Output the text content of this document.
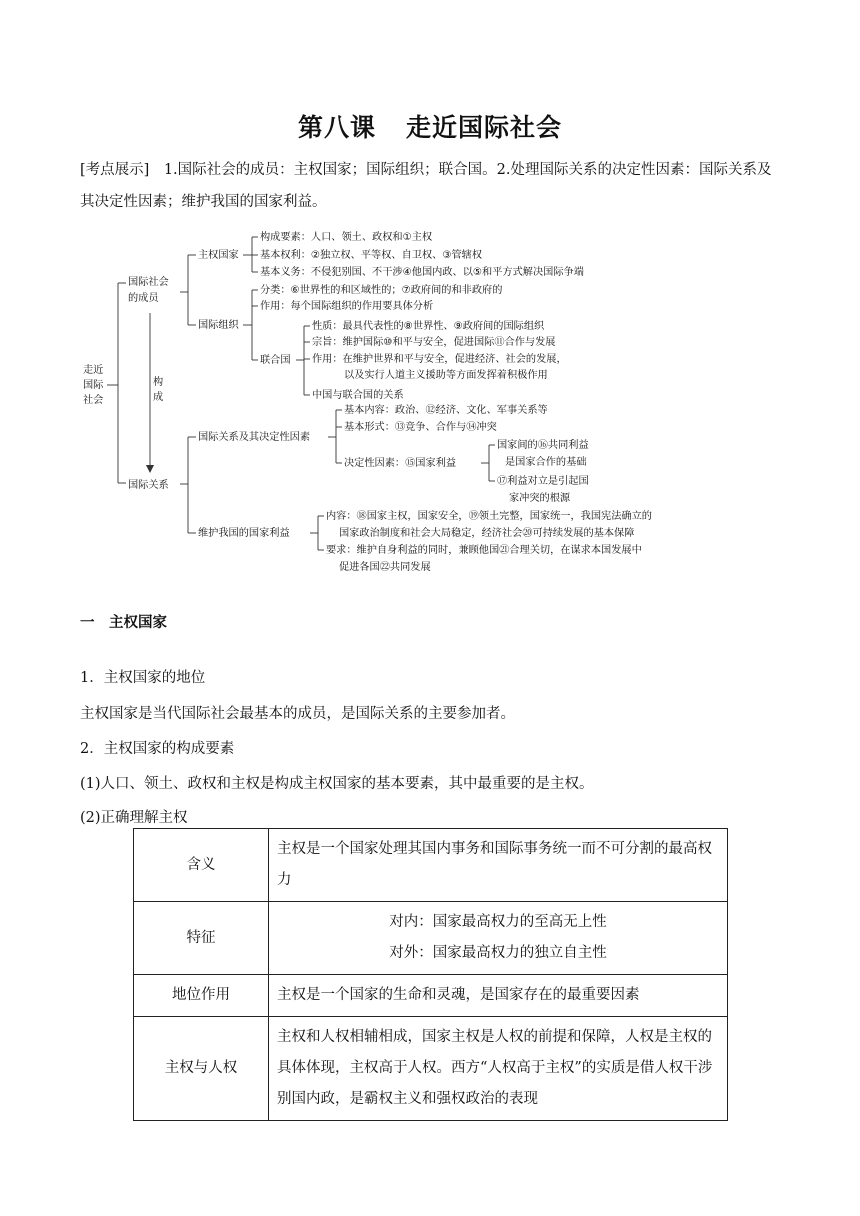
第八课 走近国际社会
[考点展示]　 1.国际社会的成员：主权国家；国际组织；联合国。2.处理国际关系的决定性因素：国际关系及其决定性因素；维护我国的国家利益。
走近
国际
社会
国际社会
的成员
国际关系
构
成
主权国家
国际组织
构成要素：人口、领土、政权和①主权
基本权利：②独立权、平等权、自卫权、③管辖权
基本义务：不侵犯别国、不干涉④他国内政、以⑤和平方式解决国际争端
分类：⑥世界性的和区域性的；⑦政府间的和非政府的
作用：每个国际组织的作用要具体分析
联合国
性质：最具代表性的⑧世界性、⑨政府间的国际组织
宗旨：维护国际⑩和平与安全，促进国际⑪合作与发展
作用：在维护世界和平与安全，促进经济、社会的发展，
以及实行人道主义援助等方面发挥着积极作用
中国与联合国的关系
国际关系及其决定性因素
维护我国的国家利益
基本内容：政治、⑫经济、文化、军事关系等
基本形式：⑬竞争、合作与⑭冲突
决定性因素：⑮国家利益
国家间的⑯共同利益
是国家合作的基础
⑰利益对立是引起国
家冲突的根源
内容：⑱国家主权，国家安全，⑲领土完整，国家统一，我国宪法确立的
国家政治制度和社会大局稳定，经济社会⑳可持续发展的基本保障
要求：维护自身利益的同时，兼顾他国㉑合理关切，在谋求本国发展中
促进各国㉒共同发展
一　主权国家
1．主权国家的地位
主权国家是当代国际社会最基本的成员，是国际关系的主要参加者。
2．主权国家的构成要素
(1)人口、领土、政权和主权是构成主权国家的基本要素，其中最重要的是主权。
(2)正确理解主权
含义	主权是一个国家处理其国内事务和国际事务统一而不可分割的最高权力
特征	对内：国家最高权力的至高无上性
对外：国家最高权力的独立自主性

地位作用	主权是一个国家的生命和灵魂，是国家存在的最重要因素
主权与人权	主权和人权相辅相成，国家主权是人权的前提和保障，人权是主权的具体体现，主权高于人权。西方“人权高于主权”的实质是借人权干涉别国内政，是霸权主义和强权政治的表现
